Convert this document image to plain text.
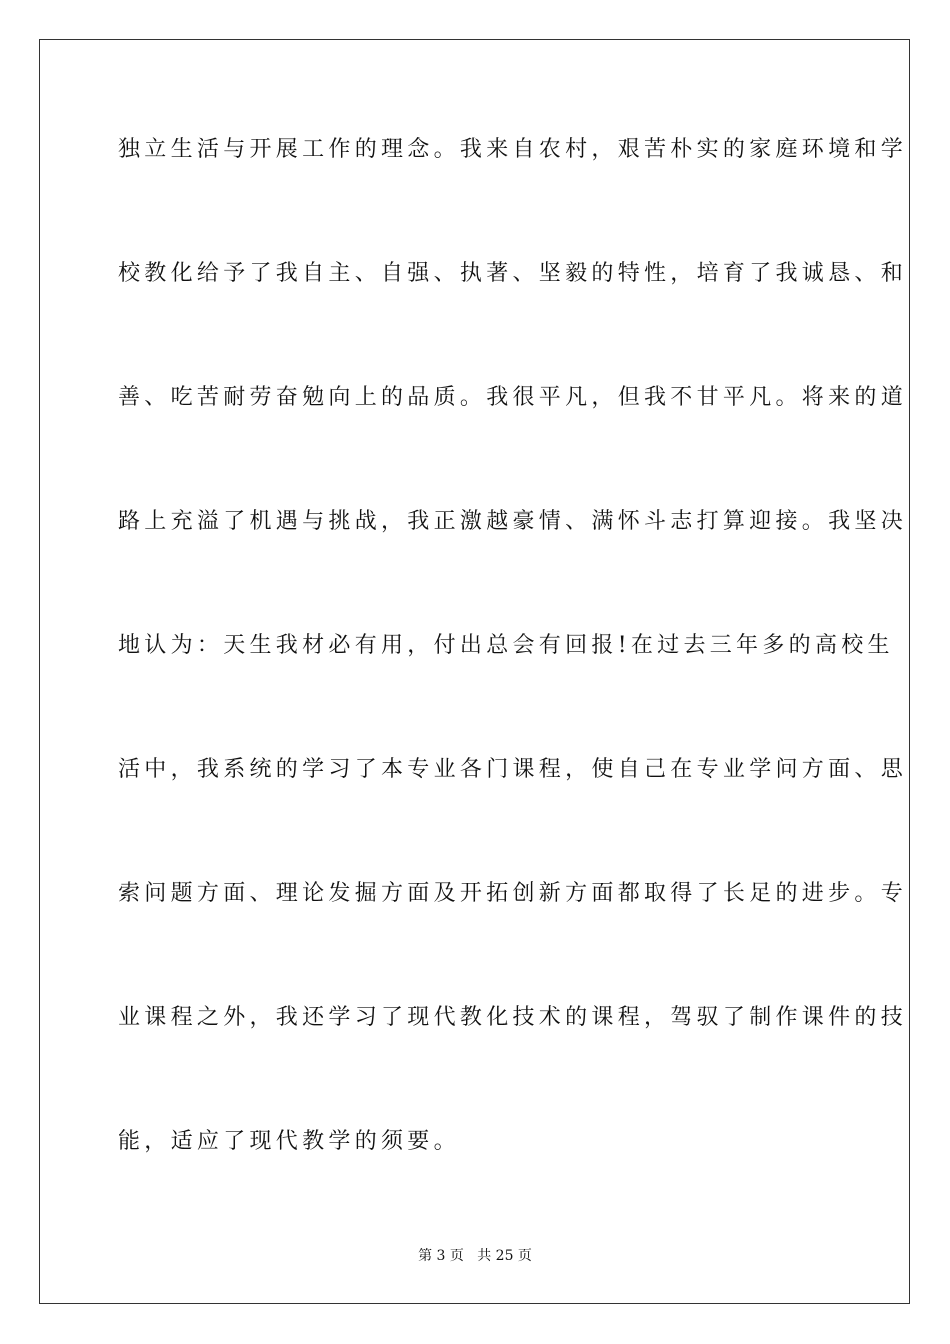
独立生活与开展工作的理念。我来自农村，艰苦朴实的家庭环境和学
校教化给予了我自主、自强、执著、坚毅的特性，培育了我诚恳、和
善、吃苦耐劳奋勉向上的品质。我很平凡，但我不甘平凡。将来的道
路上充溢了机遇与挑战，我正激越豪情、满怀斗志打算迎接。我坚决
地认为：天生我材必有用，付出总会有回报!在过去三年多的高校生
活中，我系统的学习了本专业各门课程，使自己在专业学问方面、思
索问题方面、理论发掘方面及开拓创新方面都取得了长足的进步。专
业课程之外，我还学习了现代教化技术的课程，驾驭了制作课件的技
能，适应了现代教学的须要。
第 3 页   共 25 页
